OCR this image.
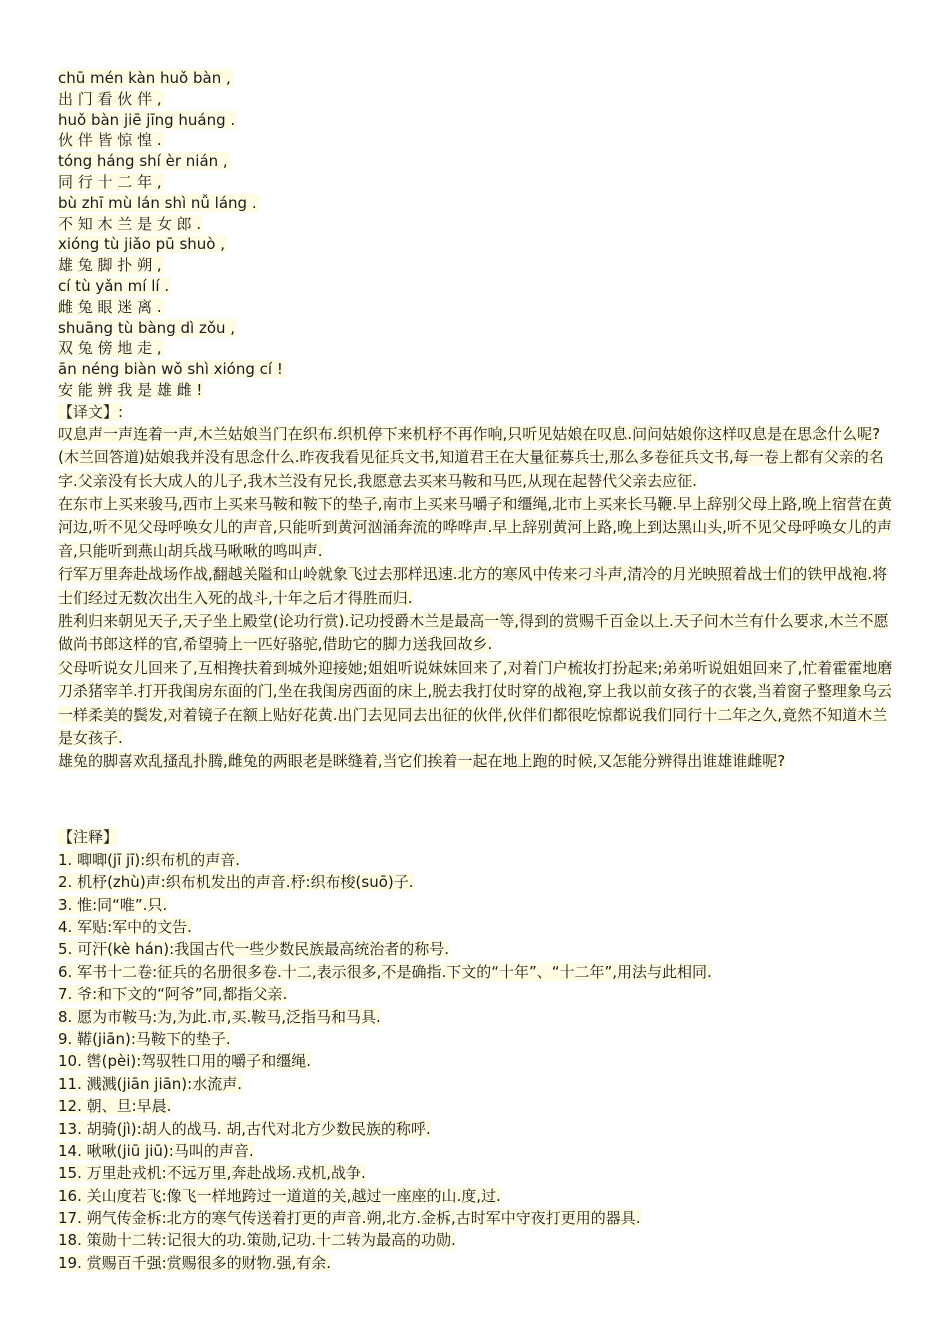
chū mén kàn huǒ bàn ,
出 门 看 伙 伴 ,
huǒ bàn jiē jīng huáng .
伙 伴 皆 惊 惶 .
tóng háng shí èr nián ,
同 行 十 二 年 ,
bù zhī mù lán shì nǚ láng .
不 知 木 兰 是 女 郎 .
xióng tù jiǎo pū shuò ,
雄 兔 脚 扑 朔 ,
cí tù yǎn mí lí .
雌 兔 眼 迷 离 .
shuāng tù bàng dì zǒu ,
双 兔 傍 地 走 ,
ān néng biàn wǒ shì xióng cí !
安 能 辨 我 是 雄 雌 !
【译文】:
叹息声一声连着一声,木兰姑娘当门在织布.织机停下来机杼不再作响,只听见姑娘在叹息.问问姑娘你这样叹息是在思念什么呢?(木兰回答道)姑娘我并没有思念什么.昨夜我看见征兵文书,知道君王在大量征募兵士,那么多卷征兵文书,每一卷上都有父亲的名字.父亲没有长大成人的儿子,我木兰没有兄长,我愿意去买来马鞍和马匹,从现在起替代父亲去应征.
在东市上买来骏马,西市上买来马鞍和鞍下的垫子,南市上买来马嚼子和缰绳,北市上买来长马鞭.早上辞别父母上路,晚上宿营在黄河边,听不见父母呼唤女儿的声音,只能听到黄河汹涌奔流的哗哗声.早上辞别黄河上路,晚上到达黑山头,听不见父母呼唤女儿的声音,只能听到燕山胡兵战马啾啾的鸣叫声.
行军万里奔赴战场作战,翻越关隘和山岭就象飞过去那样迅速.北方的寒风中传来刁斗声,清冷的月光映照着战士们的铁甲战袍.将士们经过无数次出生入死的战斗,十年之后才得胜而归.
胜利归来朝见天子,天子坐上殿堂(论功行赏).记功授爵木兰是最高一等,得到的赏赐千百金以上.天子问木兰有什么要求,木兰不愿做尚书郎这样的官,希望骑上一匹好骆驼,借助它的脚力送我回故乡.
父母听说女儿回来了,互相搀扶着到城外迎接她;姐姐听说妹妹回来了,对着门户梳妆打扮起来;弟弟听说姐姐回来了,忙着霍霍地磨刀杀猪宰羊.打开我闺房东面的门,坐在我闺房西面的床上,脱去我打仗时穿的战袍,穿上我以前女孩子的衣裳,当着窗子整理象乌云一样柔美的鬓发,对着镜子在额上贴好花黄.出门去见同去出征的伙伴,伙伴们都很吃惊都说我们同行十二年之久,竟然不知道木兰是女孩子.
雄兔的脚喜欢乱搔乱扑腾,雌兔的两眼老是眯缝着,当它们挨着一起在地上跑的时候,又怎能分辨得出谁雄谁雌呢?
【注释】
1. 唧唧(jī jī):织布机的声音.
2. 机杼(zhù)声:织布机发出的声音.杼:织布梭(suō)子.
3. 惟:同“唯”.只.
4. 军贴:军中的文告.
5. 可汗(kè hán):我国古代一些少数民族最高统治者的称号.
6. 军书十二卷:征兵的名册很多卷.十二,表示很多,不是确指.下文的“十年”、“十二年”,用法与此相同.
7. 爷:和下文的“阿爷”同,都指父亲.
8. 愿为市鞍马:为,为此.市,买.鞍马,泛指马和马具.
9. 鞯(jiān):马鞍下的垫子.
10. 辔(pèi):驾驭牲口用的嚼子和缰绳.
11. 溅溅(jiān jiān):水流声.
12. 朝、旦:早晨.
13. 胡骑(jì):胡人的战马. 胡,古代对北方少数民族的称呼.
14. 啾啾(jiū jiū):马叫的声音.
15. 万里赴戎机:不远万里,奔赴战场.戎机,战争.
16. 关山度若飞:像飞一样地跨过一道道的关,越过一座座的山.度,过.
17. 朔气传金柝:北方的寒气传送着打更的声音.朔,北方.金柝,古时军中守夜打更用的器具.
18. 策勋十二转:记很大的功.策勋,记功.十二转为最高的功勋.
19. 赏赐百千强:赏赐很多的财物.强,有余.
